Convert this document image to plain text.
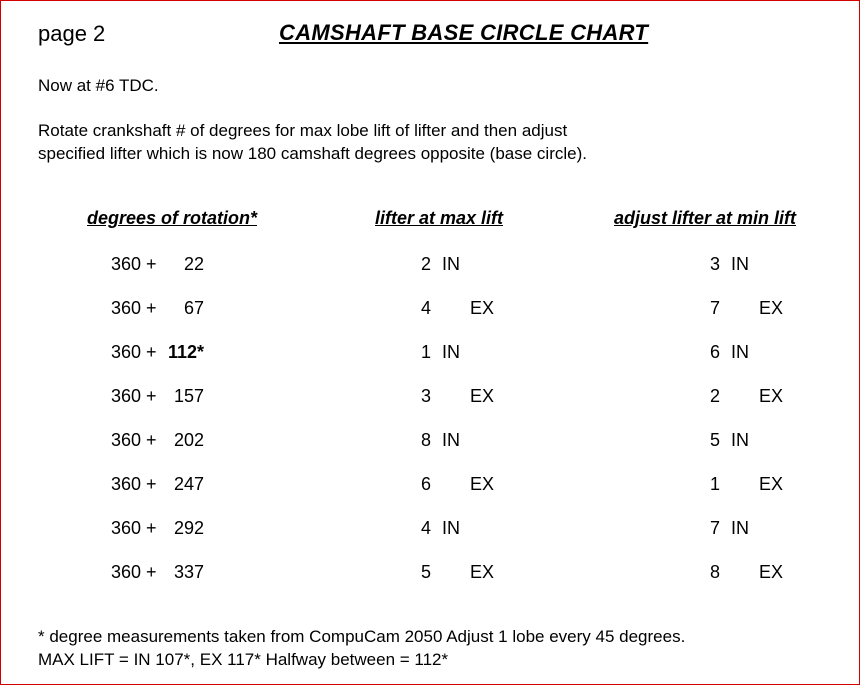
page 2	CAMSHAFT BASE CIRCLE CHART
Now at #6 TDC.
Rotate crankshaft # of degrees for max lobe lift of lifter and then adjust
specified lifter which is now 180 camshaft degrees opposite (base circle).
degrees of rotation*	lifter at max lift	adjust lifter at min lift
360 + 22	2 IN	3 IN
360 + 67	4 EX	7 EX
360 + 112*	1 IN	6 IN
360 + 157	3 EX	2 EX
360 + 202	8 IN	5 IN
360 + 247	6 EX	1 EX
360 + 292	4 IN	7 IN
360 + 337	5 EX	8 EX
* degree measurements taken from CompuCam 2050 Adjust 1 lobe every 45 degrees.
MAX LIFT = IN 107*, EX 117* Halfway between = 112*
